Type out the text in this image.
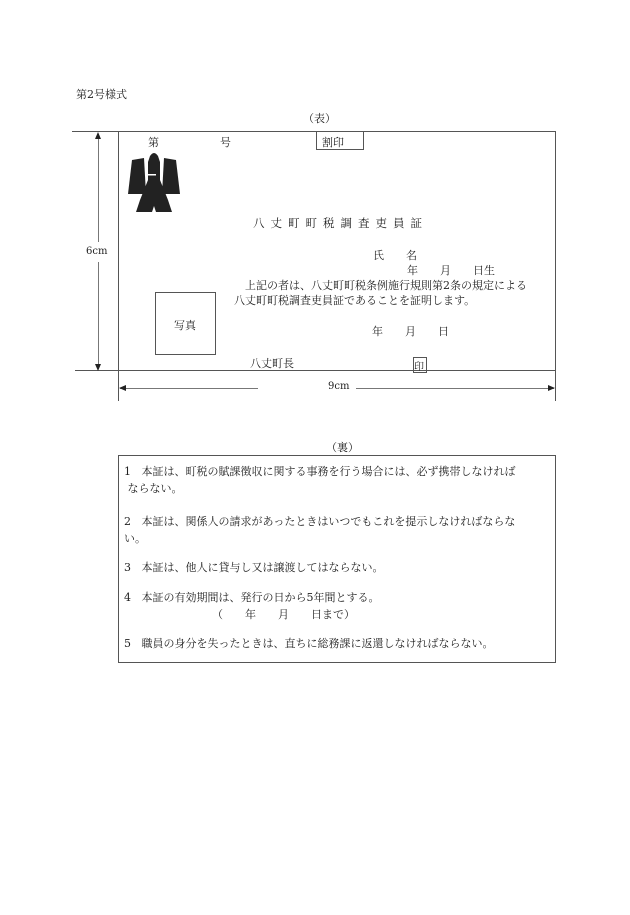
第2号様式
（表）
第	号	割印
八丈町町税調査吏員証
氏　　名
年　　月　　日生
上記の者は、八丈町町税条例施行規則第2条の規定による
八丈町町税調査吏員証であることを証明します。
写真	年　　月　　日
八丈町長	印
6cm
9cm
（裏）
1 本証は、町税の賦課徴収に関する事務を行う場合には、必ず携帯しなければ
ならない。
2 本証は、関係人の請求があったときはいつでもこれを提示しなければならな
い。
3 本証は、他人に貸与し又は譲渡してはならない。
4 本証の有効期間は、発行の日から5年間とする。
（　　年　　月　　日まで）
5 職員の身分を失ったときは、直ちに総務課に返還しなければならない。
